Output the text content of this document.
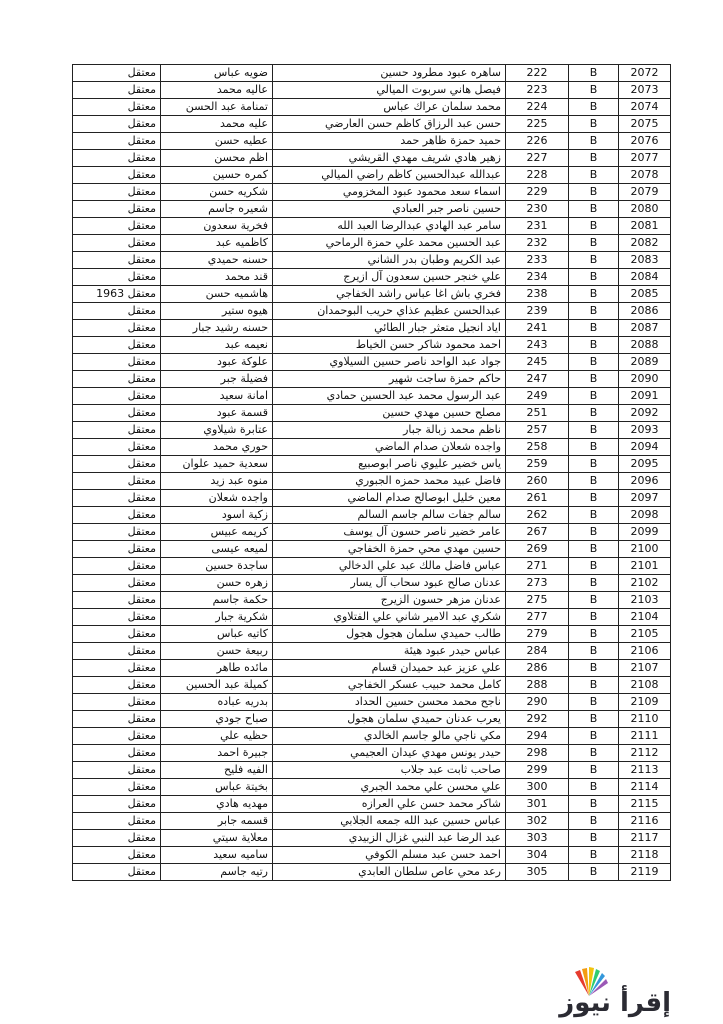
معتقل	ضويه عباس	ساهره عبود مطرود حسين	222	B	2072
معتقل	عاليه محمد	فيصل هاني سربوت الميالي	223	B	2073
معتقل	تمنامة عبد الحسن	محمد سلمان عراك عباس	224	B	2074
معتقل	عليه محمد	حسن عبد الرزاق كاظم حسن العارضي	225	B	2075
معتقل	عطيه حسن	حميد حمزة ظاهر حمد	226	B	2076
معتقل	اظم محسن	زهير هادي شريف مهدي القريشي	227	B	2077
معتقل	كمره حسين	عبدالله عبدالحسين كاظم راضي الميالي	228	B	2078
معتقل	شكريه حسن	اسماء سعد محمود عبود المخزومي	229	B	2079
معتقل	شعيره جاسم	حسين ناصر جبر العبادي	230	B	2080
معتقل	فخرية سعدون	سامر عبد الهادي عبدالرضا العبد الله	231	B	2081
معتقل	كاظميه عبد	عبد الحسين محمد علي حمزة الرماحي	232	B	2082
معتقل	حسنه حميدي	عبد الكريم وطبان بدر الشاني	233	B	2083
معتقل	قند محمد	علي خنجر حسين سعدون آل ازيرج	234	B	2084
معتقل 1963	هاشميه حسن	فخري باش اغا عباس راشد الخفاجي	238	B	2085
معتقل	هيوه ستير	عبدالحسن عظيم عذاي حريب البوحمدان	239	B	2086
معتقل	حسنه رشيد جبار	اياد انجيل متعثر جبار الطائي	241	B	2087
معتقل	نعيمه عبد	احمد محمود شاكر حسن الخياط	243	B	2088
معتقل	علوكة عبود	جواد عبد الواحد ناصر حسين السيلاوي	245	B	2089
معتقل	فضيلة جبر	حاكم حمزة ساجت شهير	247	B	2090
معتقل	امانة سعيد	عبد الرسول محمد عبد الحسين حمادي	249	B	2091
معتقل	قسمة عبود	مصلح حسين مهدي حسين	251	B	2092
معتقل	عتابرة شيلاوي	ناظم محمد زبالة جبار	257	B	2093
معتقل	حوري محمد	واجده شعلان صدام الماضي	258	B	2094
معتقل	سعدية حميد علوان	ياس خضير عليوي ناصر ابوصبيع	259	B	2095
معتقل	منوه عبد زيد	فاضل عبيد محمد حمزه الجبوري	260	B	2096
معتقل	واجده شعلان	معين خليل ابوصالح صدام الماضي	261	B	2097
معتقل	زكية اسود	سالم جفات سالم جاسم السالم	262	B	2098
معتقل	كريمه عبيس	عامر خضير ناصر حسون آل يوسف	267	B	2099
معتقل	لميعه عيسى	حسين مهدي محي حمزة الخفاجي	269	B	2100
معتقل	ساجدة حسين	عباس فاضل مالك عبد علي الدخالي	271	B	2101
معتقل	زهره حسن	عدنان صالح عبود سحاب آل يسار	273	B	2102
معتقل	حكمة جاسم	عدنان مزهر حسون الزيرج	275	B	2103
معتقل	شكرية جبار	شكري عبد الامير شاني علي الفتلاوي	277	B	2104
معتقل	كاتيه عباس	طالب حميدي سلمان هجول هجول	279	B	2105
معتقل	ربيعة حسن	عباس حيدر عبود هيئة	284	B	2106
معتقل	مائده طاهر	علي عزيز عبد حميدان قسام	286	B	2107
معتقل	كميلة عبد الحسين	كامل محمد حبيب عسكر الخفاجي	288	B	2108
معتقل	بدريه عباده	ناجح محمد محسن حسين الحداد	290	B	2109
معتقل	صباح جودي	يعرب عدنان حميدي سلمان هجول	292	B	2110
معتقل	حظيه علي	مكي ناجي مالو جاسم الخالدي	294	B	2111
معتقل	جبيرة احمد	حيدر يونس مهدي عيدان العجيمي	298	B	2112
معتقل	الفيه فليح	صاحب ثابت عبد جلاب	299	B	2113
معتقل	بخيتة عباس	علي محسن علي محمد الجبري	300	B	2114
معتقل	مهديه هادي	شاكر محمد حسن علي العرازه	301	B	2115
معتقل	قسمه جابر	عباس حسين عبد الله جمعه الجلابي	302	B	2116
معتقل	معلاية سيتي	عبد الرضا عبد النبي غزال الزبيدي	303	B	2117
معتقل	ساميه سعيد	احمد حسن عبد مسلم الكوفي	304	B	2118
معتقل	رتيه جاسم	رعد محي عاص سلطان العابدي	305	B	2119
إقرأ نيوز
